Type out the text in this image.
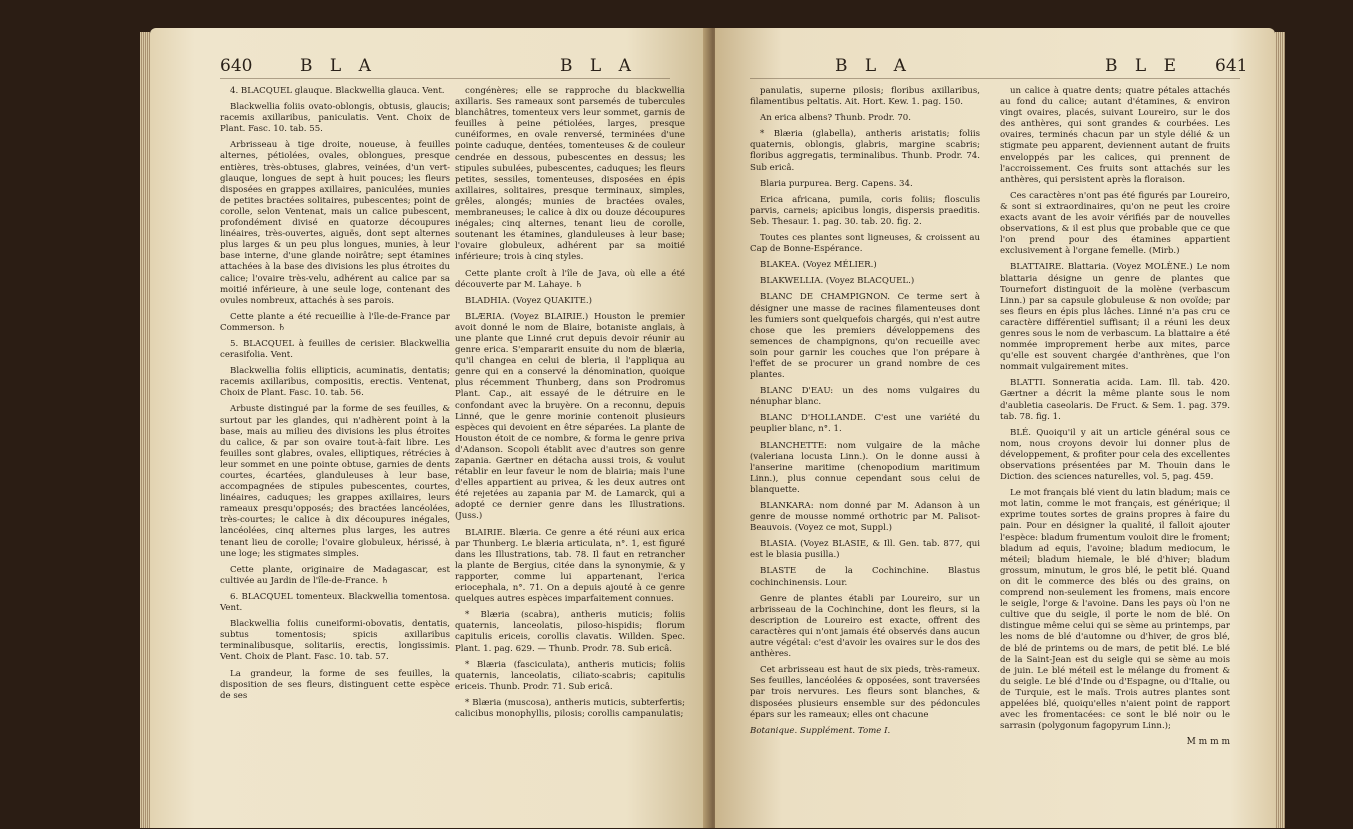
640	B L A	B L A

4. BLACQUEL glauque. Blackwellia glauca. Vent.

Blackwellia foliis ovato-oblongis, obtusis, glaucis; racemis axillaribus, paniculatis. Vent. Choix de Plant. Fasc. 10. tab. 55.

Arbrisseau à tige droite, noueuse, à feuilles alternes, pétiolées, ovales, oblongues, presque entières, très-obtuses, glabres, veinées, d'un vert-glauque, longues de sept à huit pouces; les fleurs disposées en grappes axillaires, paniculées, munies de petites bractées solitaires, pubescentes; point de corolle, selon Ventenat, mais un calice pubescent, profondément divisé en quatorze découpures linéaires, très-ouvertes, aiguës, dont sept alternes plus larges & un peu plus longues, munies, à leur base interne, d'une glande noirâtre; sept étamines attachées à la base des divisions les plus étroites du calice; l'ovaire très-velu, adhérent au calice par sa moitié inférieure, à une seule loge, contenant des ovules nombreux, attachés à ses parois.

Cette plante a été recueillie à l'île-de-France par Commerson. ♄

5. BLACQUEL à feuilles de cerisier. Blackwellia cerasifolia. Vent.

Blackwellia foliis ellipticis, acuminatis, dentatis; racemis axillaribus, compositis, erectis. Ventenat, Choix de Plant. Fasc. 10. tab. 56.

Arbuste distingué par la forme de ses feuilles, & surtout par les glandes, qui n'adhèrent point à la base, mais au milieu des divisions les plus étroites du calice, & par son ovaire tout-à-fait libre. Les feuilles sont glabres, ovales, elliptiques, rétrécies à leur sommet en une pointe obtuse, garnies de dents courtes, écartées, glanduleuses à leur base, accompagnées de stipules pubescentes, courtes, linéaires, caduques; les grappes axillaires, leurs rameaux presqu'opposés; des bractées lancéolées, très-courtes; le calice à dix découpures inégales, lancéolées, cinq alternes plus larges, les autres tenant lieu de corolle; l'ovaire globuleux, hérissé, à une loge; les stigmates simples.

Cette plante, originaire de Madagascar, est cultivée au Jardin de l'île-de-France. ♄

6. BLACQUEL tomenteux. Blackwellia tomentosa. Vent.

Blackwellia foliis cuneiformi-obovatis, dentatis, subtus tomentosis; spicis axillaribus terminalibusque, solitariis, erectis, longissimis. Vent. Choix de Plant. Fasc. 10. tab. 57.

La grandeur, la forme de ses feuilles, la disposition de ses fleurs, distinguent cette espèce de ses

congénères; elle se rapproche du blackwellia axillaris. Ses rameaux sont parsemés de tubercules blanchâtres, tomenteux vers leur sommet, garnis de feuilles à peine pétiolées, larges, presque cunéiformes, en ovale renversé, terminées d'une pointe caduque, dentées, tomenteuses & de couleur cendrée en dessous, pubescentes en dessus; les stipules subulées, pubescentes, caduques; les fleurs petites, sessiles, tomenteuses, disposées en épis axillaires, solitaires, presque terminaux, simples, grêles, alongés; munies de bractées ovales, membraneuses; le calice à dix ou douze découpures inégales; cinq alternes, tenant lieu de corolle, soutenant les étamines, glanduleuses à leur base; l'ovaire globuleux, adhérent par sa moitié inférieure; trois à cinq styles.

Cette plante croît à l'île de Java, où elle a été découverte par M. Lahaye. ♄

BLADHIA. (Voyez QUAKITE.)

BLÆRIA. (Voyez BLAIRIE.) Houston le premier avoit donné le nom de Blaire, botaniste anglais, à une plante que Linné crut depuis devoir réunir au genre erica. S'empararit ensuite du nom de blæria, qu'il changea en celui de bleria, il l'appliqua au genre qui en a conservé la dénomination, quoique plus récemment Thunberg, dans son Prodromus Plant. Cap., ait essayé de le détruire en le confondant avec la bruyère. On a reconnu, depuis Linné, que le genre morinie contenoit plusieurs espèces qui devoient en être séparées. La plante de Houston étoit de ce nombre, & forma le genre priva d'Adanson. Scopoli établit avec d'autres son genre zapania. Gærtner en détacha aussi trois, & voulut rétablir en leur faveur le nom de blairia; mais l'une d'elles appartient au privea, & les deux autres ont été rejetées au zapania par M. de Lamarck, qui a adopté ce dernier genre dans les Illustrations. (Juss.)

BLAIRIE. Blæria. Ce genre a été réuni aux erica par Thunberg. Le blæria articulata, n°. 1, est figuré dans les Illustrations, tab. 78. Il faut en retrancher la plante de Bergius, citée dans la synonymie, & y rapporter, comme lui appartenant, l'erica eriocephala, n°. 71. On a depuis ajouté à ce genre quelques autres espèces imparfaitement connues.

* Blæria (scabra), antheris muticis; foliis quaternis, lanceolatis, piloso-hispidis; florum capitulis ericeis, corollis clavatis. Willden. Spec. Plant. 1. pag. 629. — Thunb. Prodr. 78. Sub ericâ.

* Blæria (fasciculata), antheris muticis; foliis quaternis, lanceolatis, ciliato-scabris; capitulis ericeis. Thunb. Prodr. 71. Sub ericâ.

* Blæria (muscosa), antheris muticis, subterfertis; calicibus monophyllis, pilosis; corollis campanulatis;

B L A	B L E 641

panulatis, superne pilosis; floribus axillaribus, filamentibus peltatis. Ait. Hort. Kew. 1. pag. 150.

An erica albens? Thunb. Prodr. 70.

* Blæria (glabella), antheris aristatis; foliis quaternis, oblongis, glabris, margine scabris; floribus aggregatis, terminalibus. Thunb. Prodr. 74. Sub ericâ.

Blaria purpurea. Berg. Capens. 34.

Erica africana, pumila, coris foliis; flosculis parvis, carneis; apicibus longis, dispersis praeditis. Seb. Thesaur. 1. pag. 30. tab. 20. fig. 2.

Toutes ces plantes sont ligneuses, & croissent au Cap de Bonne-Espérance.

BLAKEA. (Voyez MÉLIER.)

BLAKWELLIA. (Voyez BLACQUEL.)

BLANC DE CHAMPIGNON. Ce terme sert à désigner une masse de racines filamenteuses dont les fumiers sont quelquefois chargés, qui n'est autre chose que les premiers développemens des semences de champignons, qu'on recueille avec soin pour garnir les couches que l'on prépare à l'effet de se procurer un grand nombre de ces plantes.

BLANC D'EAU: un des noms vulgaires du nénuphar blanc.

BLANC D'HOLLANDE. C'est une variété du peuplier blanc, n°. 1.

BLANCHETTE: nom vulgaire de la mâche (valeriana locusta Linn.). On le donne aussi à l'anserine maritime (chenopodium maritimum Linn.), plus connue cependant sous celui de blanquette.

BLANKARA: nom donné par M. Adanson à un genre de mousse nommé orthotric par M. Palisot-Beauvois. (Voyez ce mot, Suppl.)

BLASIA. (Voyez BLASIE, & Ill. Gen. tab. 877, qui est le blasia pusilla.)

BLASTE de la Cochinchine. Blastus cochinchinensis. Lour.

Genre de plantes établi par Loureiro, sur un arbrisseau de la Cochinchine, dont les fleurs, si la description de Loureiro est exacte, offrent des caractères qui n'ont jamais été observés dans aucun autre végétal: c'est d'avoir les ovaires sur le dos des anthères.

Cet arbrisseau est haut de six pieds, très-rameux. Ses feuilles, lancéolées & opposées, sont traversées par trois nervures. Les fleurs sont blanches, & disposées plusieurs ensemble sur des pédoncules épars sur les rameaux; elles ont chacune

Botanique. Supplément. Tome I.

un calice à quatre dents; quatre pétales attachés au fond du calice; autant d'étamines, & environ vingt ovaires, placés, suivant Loureiro, sur le dos des anthères, qui sont grandes & courbées. Les ovaires, terminés chacun par un style délié & un stigmate peu apparent, deviennent autant de fruits enveloppés par les calices, qui prennent de l'accroissement. Ces fruits sont attachés sur les anthères, qui persistent après la floraison.

Ces caractères n'ont pas été figurés par Loureiro, & sont si extraordinaires, qu'on ne peut les croire exacts avant de les avoir vérifiés par de nouvelles observations, & il est plus que probable que ce que l'on prend pour des étamines appartient exclusivement à l'organe femelle. (Mirb.)

BLATTAIRE. Blattaria. (Voyez MOLÈNE.) Le nom blattaria désigne un genre de plantes que Tournefort distinguoit de la molène (verbascum Linn.) par sa capsule globuleuse & non ovoïde; par ses fleurs en épis plus lâches. Linné n'a pas cru ce caractère différentiel suffisant; il a réuni les deux genres sous le nom de verbascum. La blattaire a été nommée improprement herbe aux mites, parce qu'elle est souvent chargée d'anthrènes, que l'on nommait vulgairement mites.

BLATTI. Sonneratia acida. Lam. Ill. tab. 420. Gærtner a décrit la même plante sous le nom d'aubletia caseolaris. De Fruct. & Sem. 1. pag. 379. tab. 78. fig. 1.

BLÉ. Quoiqu'il y ait un article général sous ce nom, nous croyons devoir lui donner plus de développement, & profiter pour cela des excellentes observations présentées par M. Thouin dans le Diction. des sciences naturelles, vol. 5, pag. 459.

Le mot français blé vient du latin bladum; mais ce mot latin, comme le mot français, est générique; il exprime toutes sortes de grains propres à faire du pain. Pour en désigner la qualité, il falloit ajouter l'espèce: bladum frumentum vouloit dire le froment; bladum ad equis, l'avoine; bladum mediocum, le méteil; bladum hiemale, le blé d'hiver; bladum grossum, minutum, le gros blé, le petit blé. Quand on dit le commerce des blés ou des grains, on comprend non-seulement les fromens, mais encore le seigle, l'orge & l'avoine. Dans les pays où l'on ne cultive que du seigle, il porte le nom de blé. On distingue même celui qui se sème au printemps, par les noms de blé d'automne ou d'hiver, de gros blé, de blé de printems ou de mars, de petit blé. Le blé de la Saint-Jean est du seigle qui se sème au mois de juin. Le blé méteil est le mélange du froment & du seigle. Le blé d'Inde ou d'Espagne, ou d'Italie, ou de Turquie, est le maïs. Trois autres plantes sont appelées blé, quoiqu'elles n'aient point de rapport avec les fromentacées: ce sont le blé noir ou le sarrasin (polygonum fagopyrum Linn.);

M m m m
